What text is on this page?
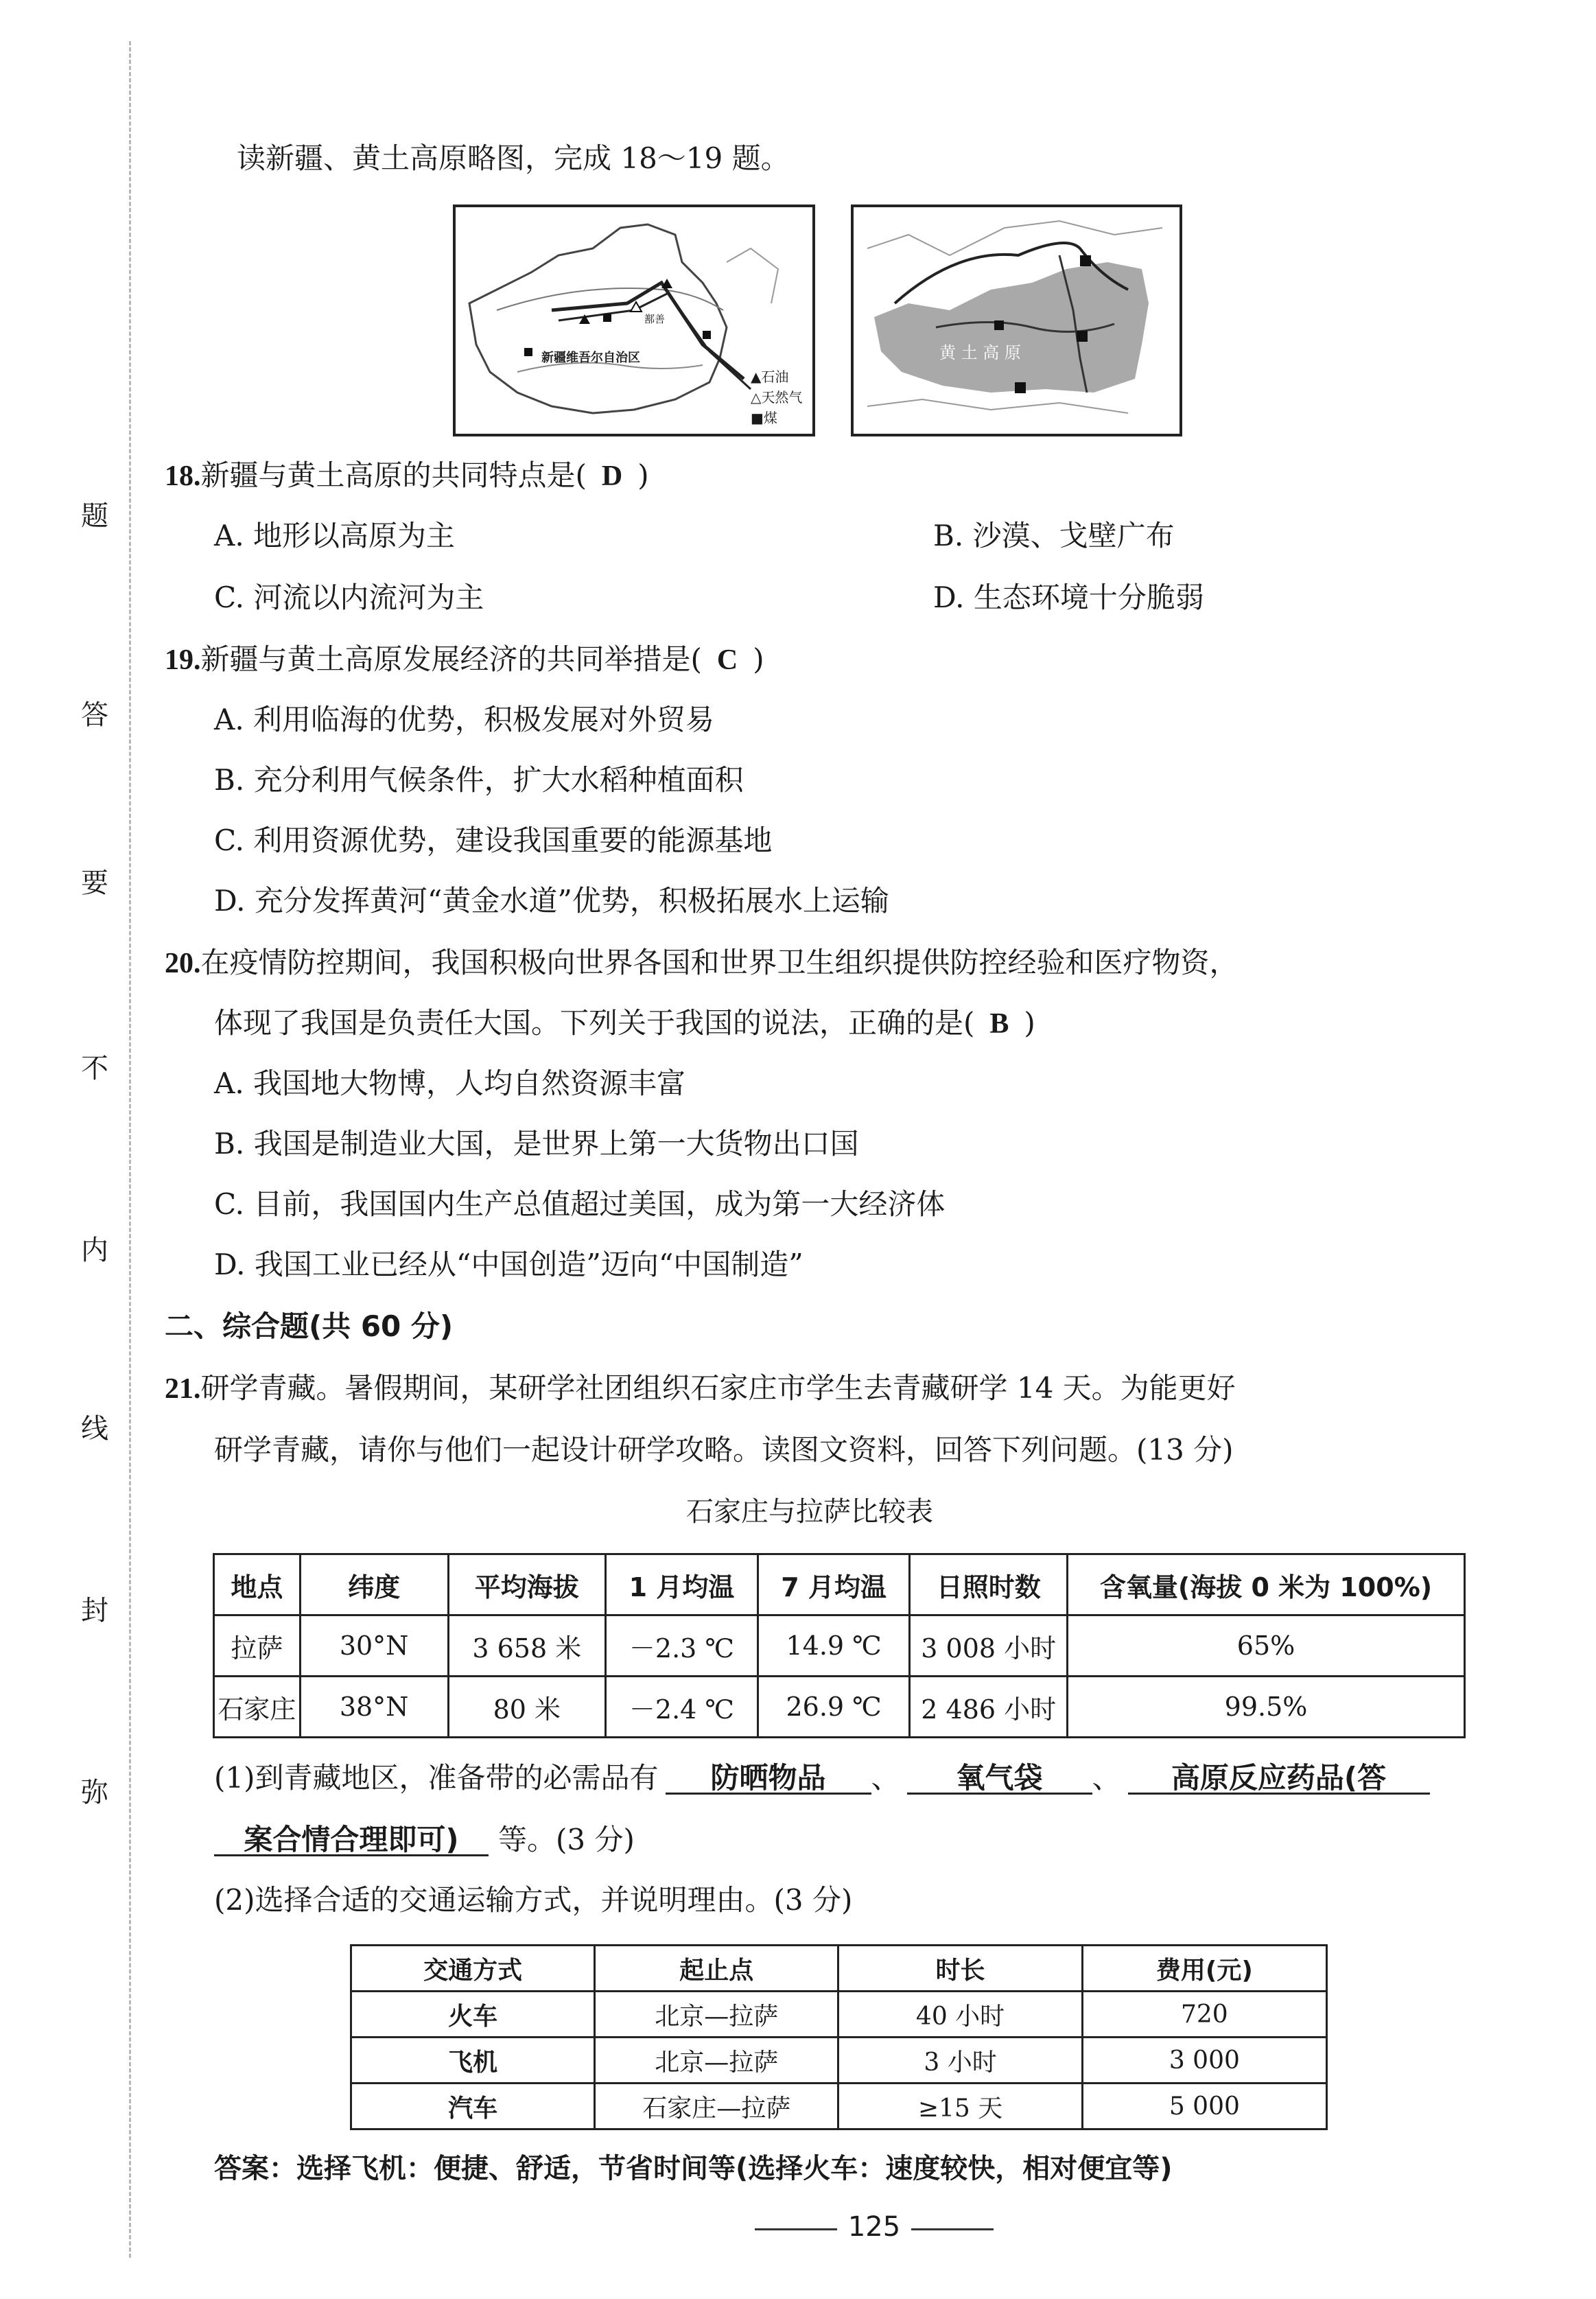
题
答
要
不
内
线
封
弥
读新疆、黄土高原略图，完成 18～19 题。
新疆维吾尔自治区
鄯善
▲石油
△天然气
■煤
黄 土 高 原
18.新疆与黄土高原的共同特点是( D )
A. 地形以高原为主	B. 沙漠、戈壁广布
C. 河流以内流河为主	D. 生态环境十分脆弱
19.新疆与黄土高原发展经济的共同举措是( C )
A. 利用临海的优势，积极发展对外贸易
B. 充分利用气候条件，扩大水稻种植面积
C. 利用资源优势，建设我国重要的能源基地
D. 充分发挥黄河“黄金水道”优势，积极拓展水上运输
20.在疫情防控期间，我国积极向世界各国和世界卫生组织提供防控经验和医疗物资，
体现了我国是负责任大国。下列关于我国的说法，正确的是( B )
A. 我国地大物博，人均自然资源丰富
B. 我国是制造业大国，是世界上第一大货物出口国
C. 目前，我国国内生产总值超过美国，成为第一大经济体
D. 我国工业已经从“中国创造”迈向“中国制造”
二、综合题(共 60 分)
21.研学青藏。暑假期间，某研学社团组织石家庄市学生去青藏研学 14 天。为能更好
研学青藏，请你与他们一起设计研学攻略。读图文资料，回答下列问题。(13 分)
石家庄与拉萨比较表
地点	纬度	平均海拔	1 月均温	7 月均温	日照时数	含氧量(海拔 0 米为 100%)
拉萨	30°N	3 658 米	－2.3 ℃	14.9 ℃	3 008 小时	65%
石家庄	38°N	80 米	－2.4 ℃	26.9 ℃	2 486 小时	99.5%
(1)到青藏地区，准备带的必需品有 防晒物品 、 氧气袋 、 高原反应药品(答
案合情合理即可) 等。(3 分)
(2)选择合适的交通运输方式，并说明理由。(3 分)
交通方式	起止点	时长	费用(元)
火车	北京—拉萨	40 小时	720
飞机	北京—拉萨	3 小时	3 000
汽车	石家庄—拉萨	≥15 天	5 000
答案：选择飞机：便捷、舒适，节省时间等(选择火车：速度较快，相对便宜等)
125
